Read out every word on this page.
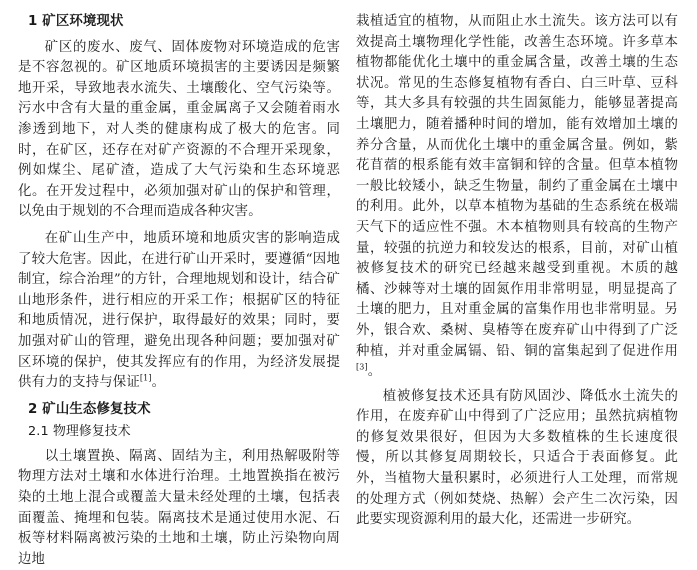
1 矿区环境现状

矿区的废水、废气、固体废物对环境造成的危害是不容忽视的。矿区地质环境损害的主要诱因是频繁地开采，导致地表水流失、土壤酸化、空气污染等。污水中含有大量的重金属，重金属离子又会随着雨水渗透到地下，对人类的健康构成了极大的危害。同时，在矿区，还存在对矿产资源的不合理开采现象，例如煤尘、尾矿渣，造成了大气污染和生态环境恶化。在开发过程中，必须加强对矿山的保护和管理，以免由于规划的不合理而造成各种灾害。

在矿山生产中，地质环境和地质灾害的影响造成了较大危害。因此，在进行矿山开采时，要遵循“因地制宜，综合治理”的方针，合理地规划和设计，结合矿山地形条件，进行相应的开采工作；根据矿区的特征和地质情况，进行保护，取得最好的效果；同时，要加强对矿山的管理，避免出现各种问题；要加强对矿区环境的保护，使其发挥应有的作用，为经济发展提供有力的支持与保证[1]。

2 矿山生态修复技术

2.1 物理修复技术

以土壤置换、隔离、固结为主，利用热解吸附等物理方法对土壤和水体进行治理。土地置换指在被污染的土地上混合或覆盖大量未经处理的土壤，包括表面覆盖、掩埋和包装。隔离技术是通过使用水泥、石板等材料隔离被污染的土地和土壤，防止污染物向周边地

栽植适宜的植物，从而阻止水土流失。该方法可以有效提高土壤物理化学性能，改善生态环境。许多草本植物都能优化土壤中的重金属含量，改善土壤的生态状况。常见的生态修复植物有香白、白三叶草、豆科等，其大多具有较强的共生固氮能力，能够显著提高土壤肥力，随着播种时间的增加，能有效增加土壤的养分含量，从而优化土壤中的重金属含量。例如，紫花苜蓿的根系能有效丰富铜和锌的含量。但草本植物一般比较矮小，缺乏生物量，制约了重金属在土壤中的利用。此外，以草本植物为基础的生态系统在极端天气下的适应性不强。木本植物则具有较高的生物产量，较强的抗逆力和较发达的根系，目前，对矿山植被修复技术的研究已经越来越受到重视。木质的越橘、沙棘等对土壤的固氮作用非常明显，明显提高了土壤的肥力，且对重金属的富集作用也非常明显。另外，银合欢、桑树、臭椿等在废弃矿山中得到了广泛种植，并对重金属镉、铅、铜的富集起到了促进作用[3]。

植被修复技术还具有防风固沙、降低水土流失的作用，在废弃矿山中得到了广泛应用；虽然抗病植物的修复效果很好，但因为大多数植株的生长速度很慢，所以其修复周期较长，只适合于表面修复。此外，当植物大量积累时，必须进行人工处理，而常规的处理方式（例如焚烧、热解）会产生二次污染，因此要实现资源利用的最大化，还需进一步研究。
